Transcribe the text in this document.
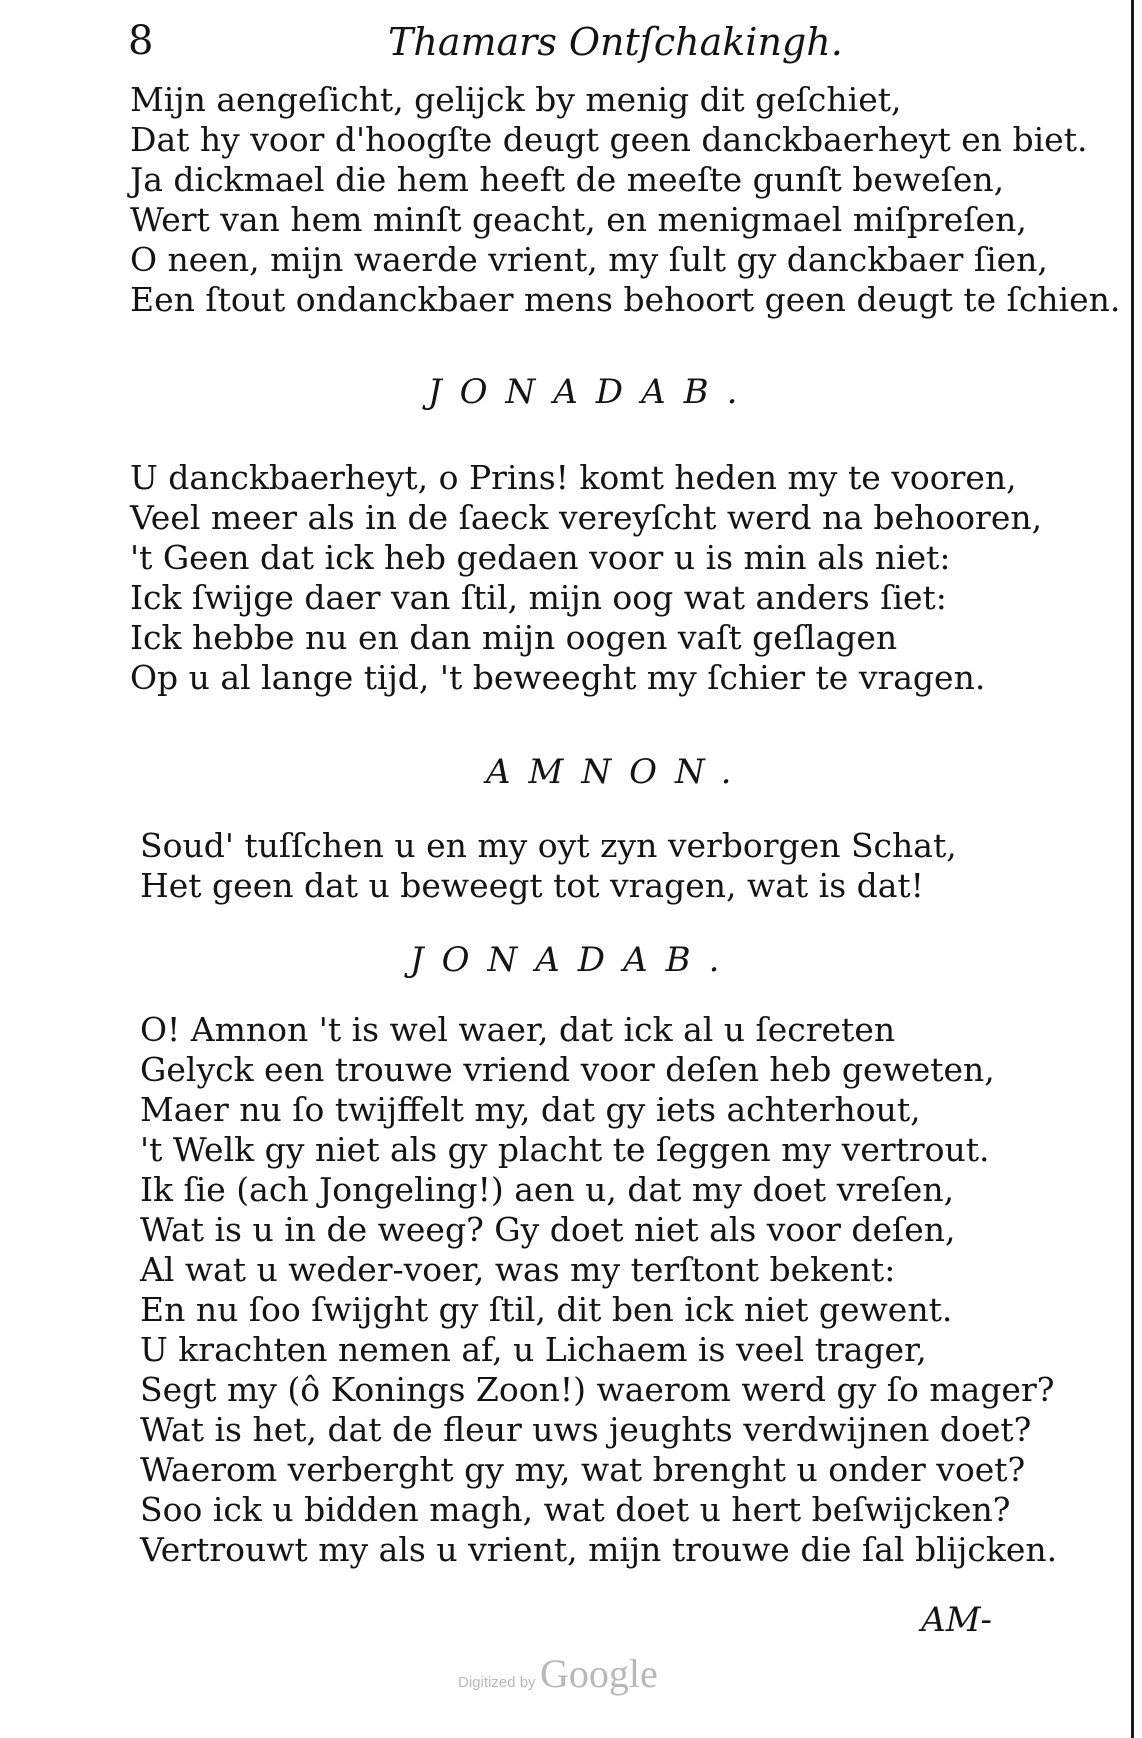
8	Thamars Ontſchakingh.
Mijn aengeſicht, gelijck by menig dit geſchiet,
Dat hy voor d'hoogſte deugt geen danckbaerheyt en biet.
Ja dickmael die hem heeft de meeſte gunſt beweſen,
Wert van hem minſt geacht, en menigmael miſpreſen,
O neen, mijn waerde vrient, my ſult gy danckbaer ſien,
Een ſtout ondanckbaer mens behoort geen deugt te ſchien.
JONADAB.
U danckbaerheyt, o Prins! komt heden my te vooren,
Veel meer als in de ſaeck vereyſcht werd na behooren,
't Geen dat ick heb gedaen voor u is min als niet:
Ick ſwijge daer van ſtil, mijn oog wat anders ſiet:
Ick hebbe nu en dan mijn oogen vaſt geſlagen
Op u al lange tijd, 't beweeght my ſchier te vragen.
AMNON.
Soud' tuſſchen u en my oyt zyn verborgen Schat,
Het geen dat u beweegt tot vragen, wat is dat!
JONADAB.
O! Amnon 't is wel waer, dat ick al u ſecreten
Gelyck een trouwe vriend voor deſen heb geweten,
Maer nu ſo twijffelt my, dat gy iets achterhout,
't Welk gy niet als gy placht te ſeggen my vertrout.
Ik ſie (ach Jongeling!) aen u, dat my doet vreſen,
Wat is u in de weeg? Gy doet niet als voor deſen,
Al wat u weder-voer, was my terſtont bekent:
En nu ſoo ſwijght gy ſtil, dit ben ick niet gewent.
U krachten nemen af, u Lichaem is veel trager,
Segt my (ô Konings Zoon!) waerom werd gy ſo mager?
Wat is het, dat de fleur uws jeughts verdwijnen doet?
Waerom verberght gy my, wat brenght u onder voet?
Soo ick u bidden magh, wat doet u hert beſwijcken?
Vertrouwt my als u vrient, mijn trouwe die ſal blijcken.
AM-
Digitized by Google
